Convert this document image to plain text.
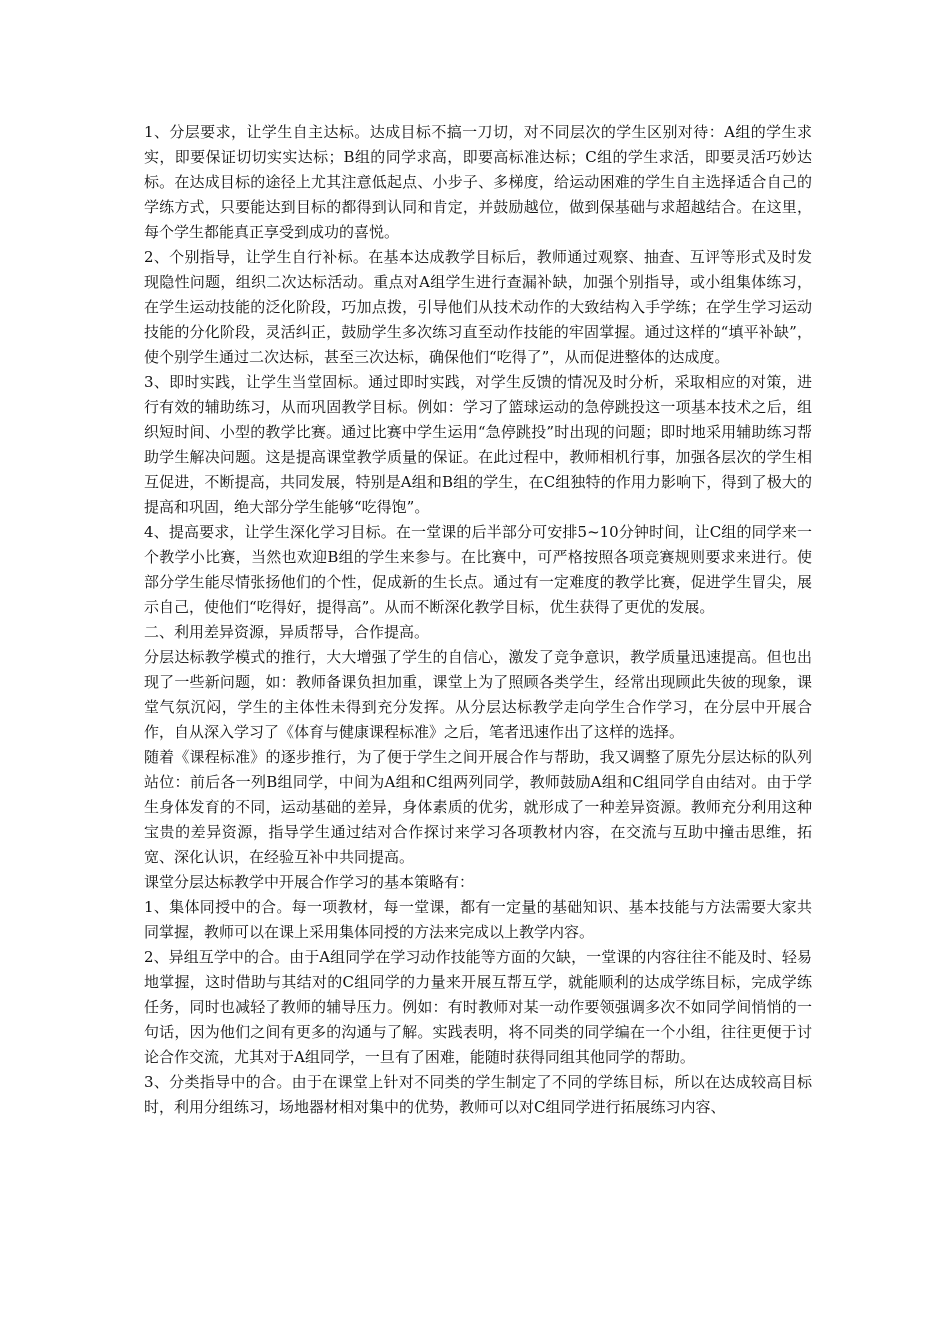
1、分层要求，让学生自主达标。达成目标不搞一刀切，对不同层次的学生区别对待：A组的学生求实，即要保证切切实实达标；B组的同学求高，即要高标准达标；C组的学生求活，即要灵活巧妙达标。在达成目标的途径上尤其注意低起点、小步子、多梯度，给运动困难的学生自主选择适合自己的学练方式，只要能达到目标的都得到认同和肯定，并鼓励越位，做到保基础与求超越结合。在这里，每个学生都能真正享受到成功的喜悦。

2、个别指导，让学生自行补标。在基本达成教学目标后，教师通过观察、抽查、互评等形式及时发现隐性问题，组织二次达标活动。重点对A组学生进行查漏补缺，加强个别指导，或小组集体练习，在学生运动技能的泛化阶段，巧加点拨，引导他们从技术动作的大致结构入手学练；在学生学习运动技能的分化阶段，灵活纠正，鼓励学生多次练习直至动作技能的牢固掌握。通过这样的“填平补缺”，使个别学生通过二次达标，甚至三次达标，确保他们“吃得了”，从而促进整体的达成度。

3、即时实践，让学生当堂固标。通过即时实践，对学生反馈的情况及时分析，采取相应的对策，进行有效的辅助练习，从而巩固教学目标。例如：学习了篮球运动的急停跳投这一项基本技术之后，组织短时间、小型的教学比赛。通过比赛中学生运用“急停跳投”时出现的问题；即时地采用辅助练习帮助学生解决问题。这是提高课堂教学质量的保证。在此过程中，教师相机行事，加强各层次的学生相互促进，不断提高，共同发展，特别是A组和B组的学生，在C组独特的作用力影响下，得到了极大的提高和巩固，绝大部分学生能够“吃得饱”。

4、提高要求，让学生深化学习目标。在一堂课的后半部分可安排5~10分钟时间，让C组的同学来一个教学小比赛，当然也欢迎B组的学生来参与。在比赛中，可严格按照各项竞赛规则要求来进行。使部分学生能尽情张扬他们的个性，促成新的生长点。通过有一定难度的教学比赛，促进学生冒尖，展示自己，使他们“吃得好，提得高”。从而不断深化教学目标，优生获得了更优的发展。

二、利用差异资源，异质帮导，合作提高。

分层达标教学模式的推行，大大增强了学生的自信心，激发了竞争意识，教学质量迅速提高。但也出现了一些新问题，如：教师备课负担加重，课堂上为了照顾各类学生，经常出现顾此失彼的现象，课堂气氛沉闷，学生的主体性未得到充分发挥。从分层达标教学走向学生合作学习，在分层中开展合作，自从深入学习了《体育与健康课程标准》之后，笔者迅速作出了这样的选择。

随着《课程标准》的逐步推行，为了便于学生之间开展合作与帮助，我又调整了原先分层达标的队列站位：前后各一列B组同学，中间为A组和C组两列同学，教师鼓励A组和C组同学自由结对。由于学生身体发育的不同，运动基础的差异，身体素质的优劣，就形成了一种差异资源。教师充分利用这种宝贵的差异资源，指导学生通过结对合作探讨来学习各项教材内容，在交流与互助中撞击思维，拓宽、深化认识，在经验互补中共同提高。

课堂分层达标教学中开展合作学习的基本策略有：

1、集体同授中的合。每一项教材，每一堂课，都有一定量的基础知识、基本技能与方法需要大家共同掌握，教师可以在课上采用集体同授的方法来完成以上教学内容。

2、异组互学中的合。由于A组同学在学习动作技能等方面的欠缺，一堂课的内容往往不能及时、轻易地掌握，这时借助与其结对的C组同学的力量来开展互帮互学，就能顺利的达成学练目标，完成学练任务，同时也减轻了教师的辅导压力。例如：有时教师对某一动作要领强调多次不如同学间悄悄的一句话，因为他们之间有更多的沟通与了解。实践表明，将不同类的同学编在一个小组，往往更便于讨论合作交流，尤其对于A组同学，一旦有了困难，能随时获得同组其他同学的帮助。

3、分类指导中的合。由于在课堂上针对不同类的学生制定了不同的学练目标，所以在达成较高目标时，利用分组练习，场地器材相对集中的优势，教师可以对C组同学进行拓展练习内容、
